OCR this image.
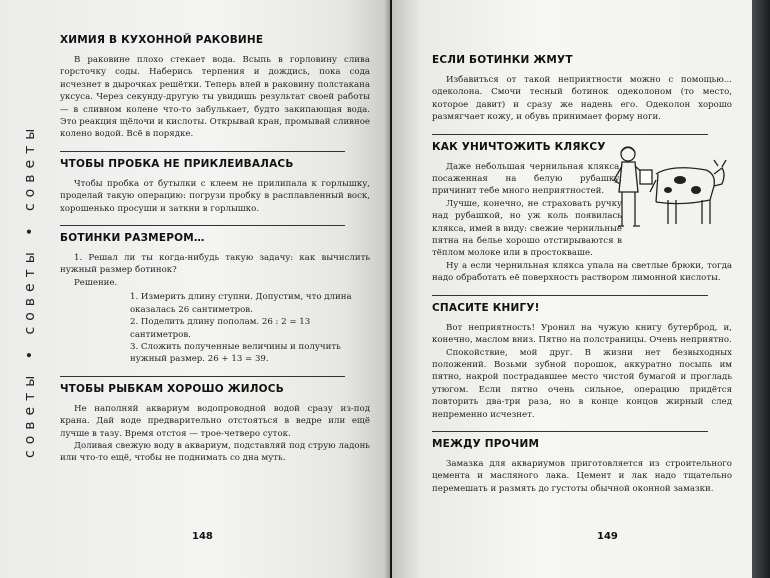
советы • советы • советы
ХИМИЯ В КУХОННОЙ РАКОВИНЕ

В раковине плохо стекает вода. Всыпь в горловину слива горсточку соды. Наберись терпения и дождись, пока сода исчезнет в дырочках решётки. Теперь влей в раковину полстакана уксуса. Через секунду-другую ты увидишь результат своей работы — в сливном колене что-то забулькает, будто закипающая вода. Это реакция щёлочи и кислоты. Открывай кран, промывай сливное колено водой. Всё в порядке.

ЧТОБЫ ПРОБКА НЕ ПРИКЛЕИВАЛАСЬ

Чтобы пробка от бутылки с клеем не прилипала к горлышку, проделай такую операцию: погрузи пробку в расплавленный воск, хорошенько просуши и заткни в горлышко.

БОТИНКИ РАЗМЕРОМ…

1. Решал ли ты когда-нибудь такую задачу: как вычислить нужный размер ботинок?

Решение.

1. Измерить длину ступни. Допустим, что длина оказалась 26 сантиметров.
2. Поделить длину пополам. 26 : 2 = 13 сантиметров.
3. Сложить полученные величины и получить нужный размер. 26 + 13 = 39.
ЧТОБЫ РЫБКАМ ХОРОШО ЖИЛОСЬ

Не наполняй аквариум водопроводной водой сразу из-под крана. Дай воде предварительно отстояться в ведре или ещё лучше в тазу. Время отстоя — трое-четверо суток.

Доливая свежую воду в аквариум, подставляй под струю ладонь или что-то ещё, чтобы не поднимать со дна муть.

148
ЕСЛИ БОТИНКИ ЖМУТ

Избавиться от такой неприятности можно с помощью... одеколона. Смочи тесный ботинок одеколоном (то место, которое давит) и сразу же надень его. Одеколон хорошо размягчает кожу, и обувь принимает форму ноги.

КАК УНИЧТОЖИТЬ КЛЯКСУ

Даже небольшая чернильная клякса, посаженная на белую рубашку, причинит тебе много неприятностей.

Лучше, конечно, не страховать ручку над рубашкой, но уж коль появилась клякса, имей в виду: свежие чернильные пятна на белье хорошо отстирываются в тёплом молоке или в простокваше.

Ну а если чернильная клякса упала на светлые брюки, тогда надо обработать её поверхность раствором лимонной кислоты.

СПАСИТЕ КНИГУ!

Вот неприятность! Уронил на чужую книгу бутерброд, и, конечно, маслом вниз. Пятно на полстраницы. Очень неприятно.

Спокойствие, мой друг. В жизни нет безвыходных положений. Возьми зубной порошок, аккуратно посыпь им пятно, накрой пострадавшее место чистой бумагой и прогладь утюгом. Если пятно очень сильное, операцию придётся повторить два-три раза, но в конце концов жирный след непременно исчезнет.

МЕЖДУ ПРОЧИМ

Замазка для аквариумов приготовляется из строительного цемента и масляного лака. Цемент и лак надо тщательно перемешать и размять до густоты обычной оконной замазки.

149
